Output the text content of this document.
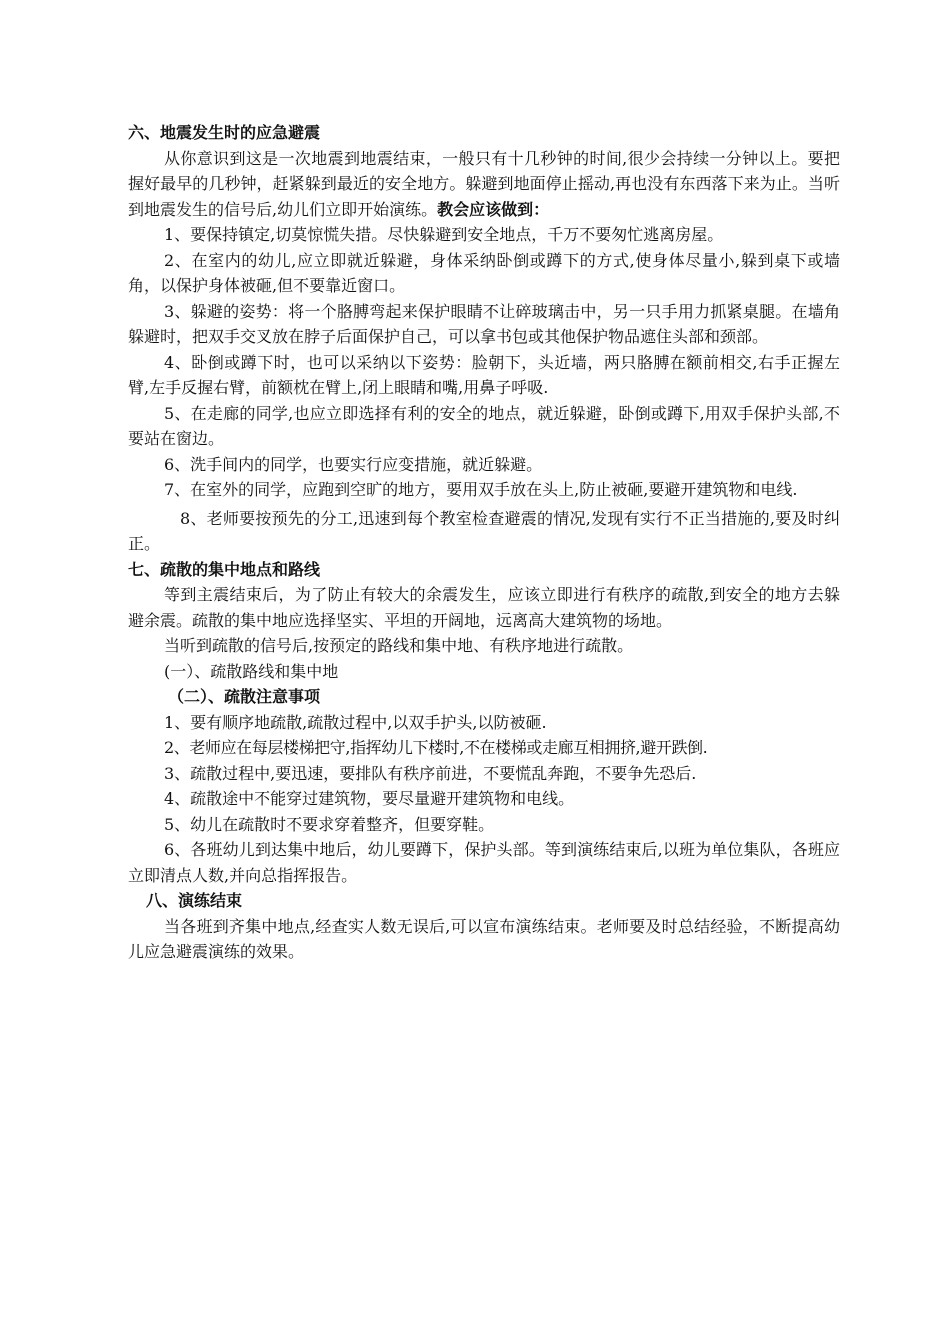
六、地震发生时的应急避震

从你意识到这是一次地震到地震结束，一般只有十几秒钟的时间,很少会持续一分钟以上。要把握好最早的几秒钟，赶紧躲到最近的安全地方。躲避到地面停止摇动,再也没有东西落下来为止。当听到地震发生的信号后,幼儿们立即开始演练。教会应该做到：

1、要保持镇定,切莫惊慌失措。尽快躲避到安全地点，千万不要匆忙逃离房屋。

2、在室内的幼儿,应立即就近躲避，身体采纳卧倒或蹲下的方式,使身体尽量小,躲到桌下或墙角，以保护身体被砸,但不要靠近窗口。

3、躲避的姿势：将一个胳膊弯起来保护眼睛不让碎玻璃击中，另一只手用力抓紧桌腿。在墙角躲避时，把双手交叉放在脖子后面保护自己，可以拿书包或其他保护物品遮住头部和颈部。

4、卧倒或蹲下时，也可以采纳以下姿势：脸朝下，头近墙，两只胳膊在额前相交,右手正握左臂,左手反握右臂，前额枕在臂上,闭上眼睛和嘴,用鼻子呼吸.

5、在走廊的同学,也应立即选择有利的安全的地点，就近躲避，卧倒或蹲下,用双手保护头部,不要站在窗边。

6、洗手间内的同学，也要实行应变措施，就近躲避。

7、在室外的同学，应跑到空旷的地方，要用双手放在头上,防止被砸,要避开建筑物和电线.

8、老师要按预先的分工,迅速到每个教室检查避震的情况,发现有实行不正当措施的,要及时纠正。

七、疏散的集中地点和路线

等到主震结束后，为了防止有较大的余震发生，应该立即进行有秩序的疏散,到安全的地方去躲避余震。疏散的集中地应选择坚实、平坦的开阔地，远离高大建筑物的场地。

当听到疏散的信号后,按预定的路线和集中地、有秩序地进行疏散。

(一）、疏散路线和集中地

（二）、疏散注意事项

1、要有顺序地疏散,疏散过程中,以双手护头,以防被砸.

2、老师应在每层楼梯把守,指挥幼儿下楼时,不在楼梯或走廊互相拥挤,避开跌倒.

3、疏散过程中,要迅速，要排队有秩序前进，不要慌乱奔跑，不要争先恐后.

4、疏散途中不能穿过建筑物，要尽量避开建筑物和电线。

5、幼儿在疏散时不要求穿着整齐，但要穿鞋。

6、各班幼儿到达集中地后，幼儿要蹲下，保护头部。等到演练结束后,以班为单位集队，各班应立即清点人数,并向总指挥报告。

八、演练结束

当各班到齐集中地点,经查实人数无误后,可以宣布演练结束。老师要及时总结经验，不断提高幼儿应急避震演练的效果。
